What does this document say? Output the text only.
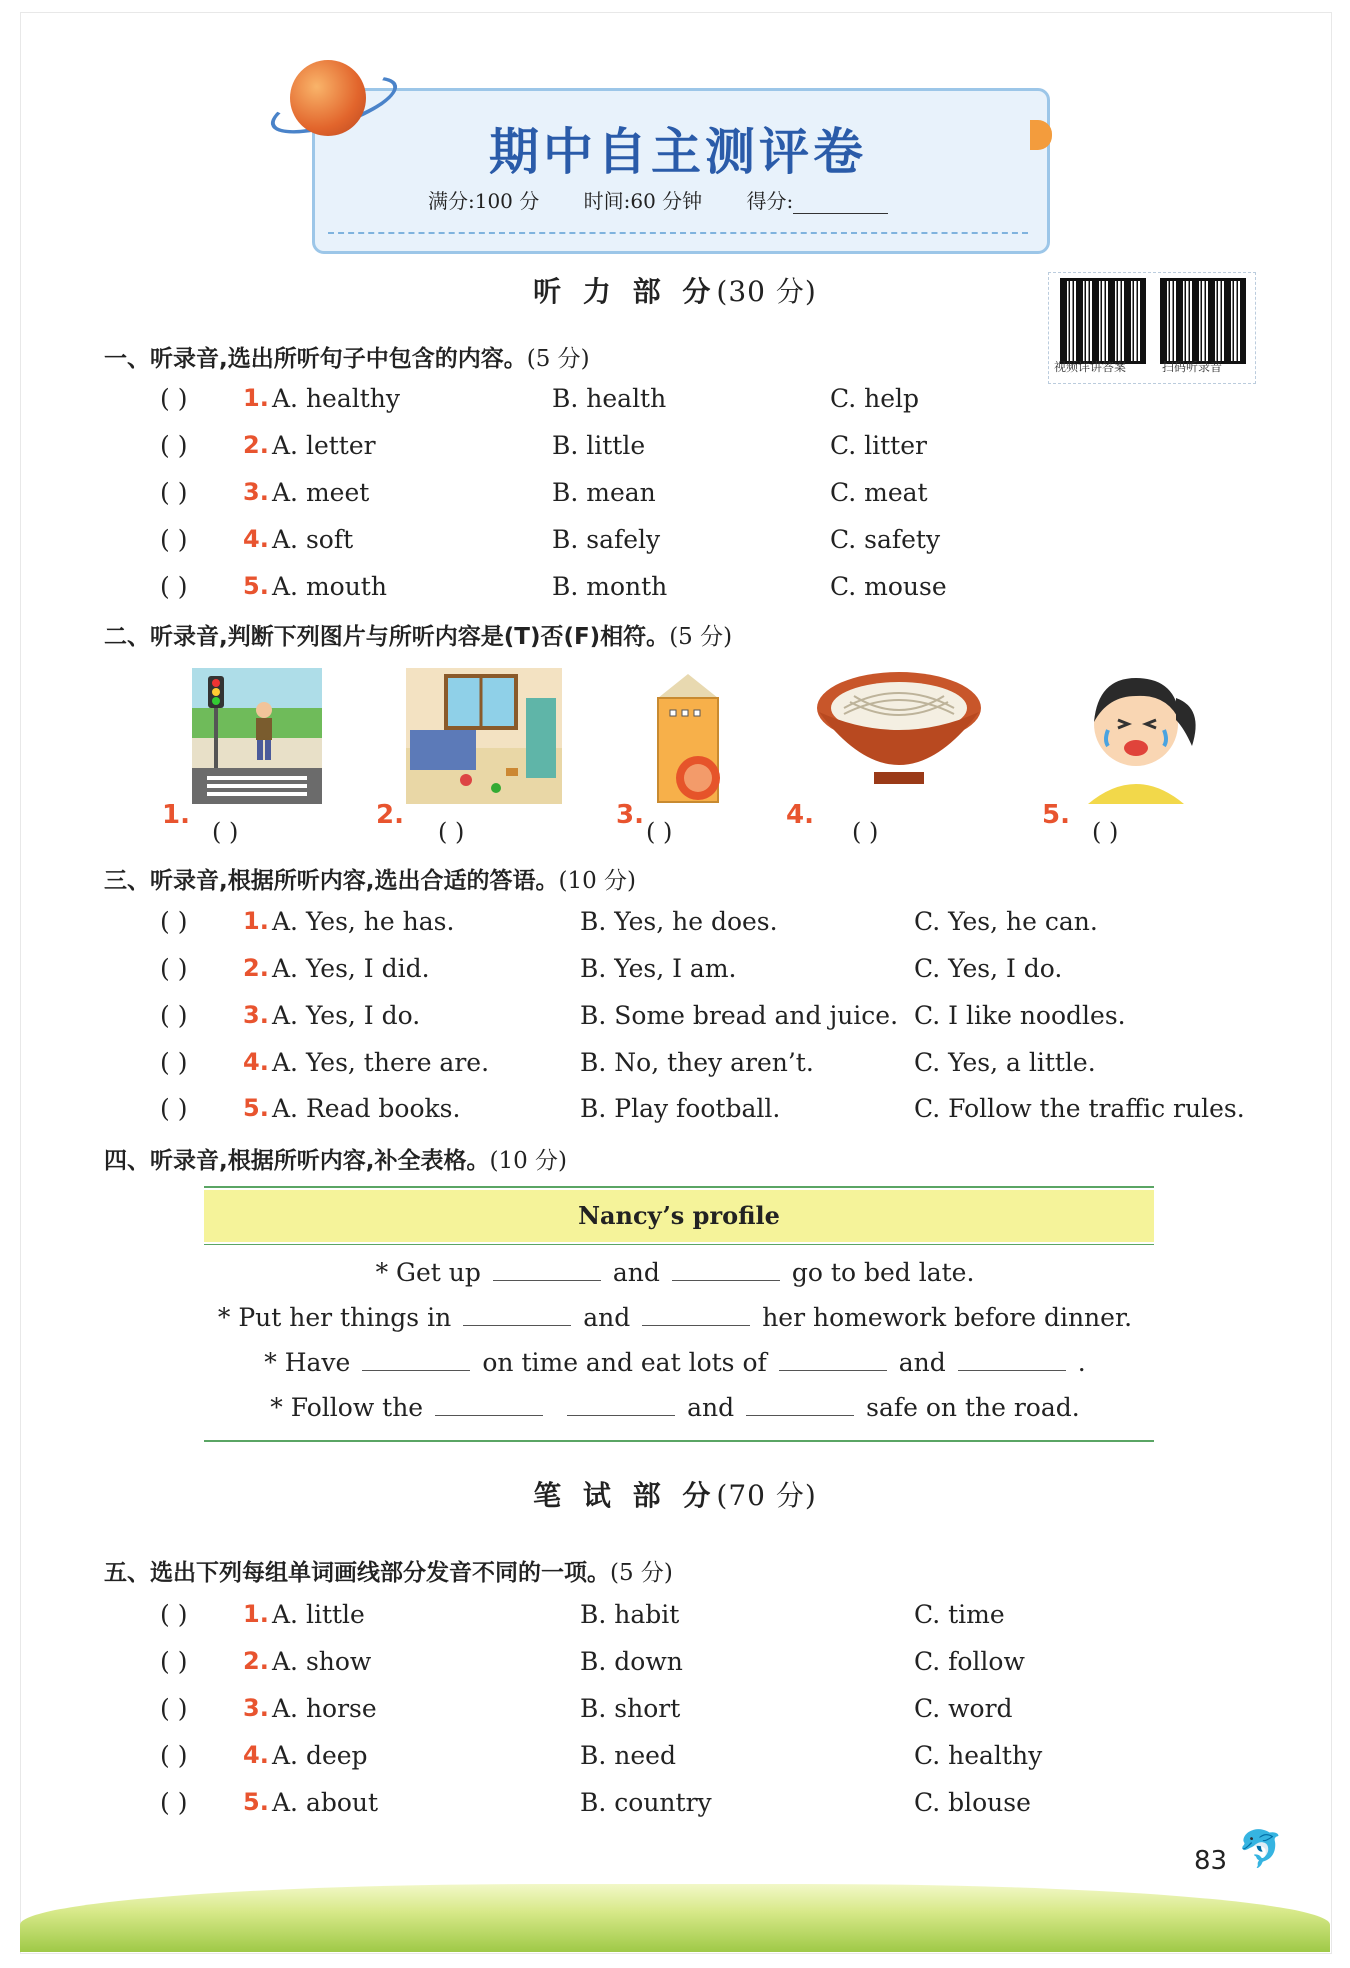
期中自主测评卷
满分:100 分 时间:60 分钟 得分:
视频详讲答案	扫码听录音
听 力 部 分(30 分)
一、听录音,选出所听句子中包含的内容。(5 分)
( ) 1. A. healthy	B. health	C. help
( ) 2. A. letter	B. little	C. litter
( ) 3. A. meet	B. mean	C. meat
( ) 4. A. soft	B. safely	C. safety
( ) 5. A. mouth	B. month	C. mouse
二、听录音,判断下列图片与所听内容是(T)否(F)相符。(5 分)
1.	2.	3.	4.	5.
( )	( )	( )	( )	( )
三、听录音,根据所听内容,选出合适的答语。(10 分)
( ) 1. A. Yes, he has.	B. Yes, he does.	C. Yes, he can.
( ) 2. A. Yes, I did.	B. Yes, I am.	C. Yes, I do.
( ) 3. A. Yes, I do.	B. Some bread and juice. C. I like noodles.
( ) 4. A. Yes, there are.	B. No, they aren’t.	C. Yes, a little.
( ) 5. A. Read books.	B. Play football.	C. Follow the traffic rules.
四、听录音,根据所听内容,补全表格。(10 分)
Nancy’s profile
* Get up	and	go to bed late.
* Put her things in	and	her homework before dinner.
* Have	on time and eat lots of	and	.
* Follow the	and	safe on the road.
笔 试 部 分(70 分)
五、选出下列每组单词画线部分发音不同的一项。(5 分)
( ) 1. A. little	B. habit	C. time
( ) 2. A. show	B. down	C. follow
( ) 3. A. horse	B. short	C. word
( ) 4. A. deep	B. need	C. healthy
( ) 5. A. about	B. country	C. blouse
83 🐬
